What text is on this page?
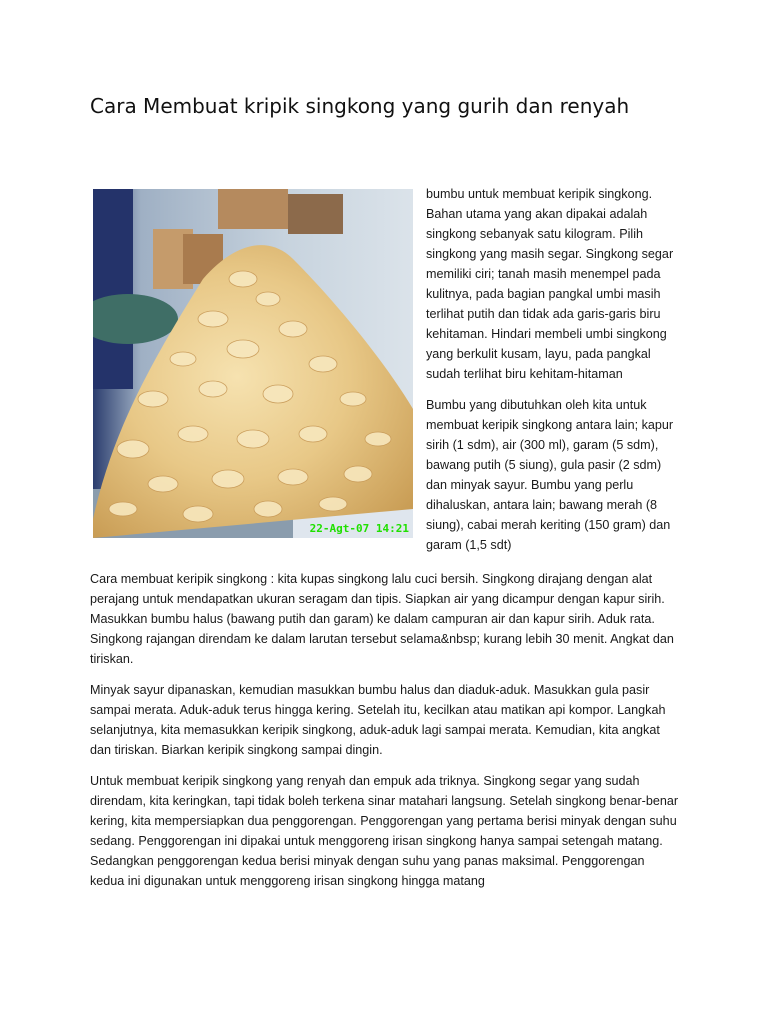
Cara Membuat kripik singkong yang gurih dan renyah
22-Agt-07 14:21

bumbu untuk membuat keripik singkong. Bahan utama yang akan dipakai adalah singkong sebanyak satu kilogram. Pilih singkong yang masih segar. Singkong segar memiliki ciri; tanah masih menempel pada kulitnya, pada bagian pangkal umbi masih terlihat putih dan tidak ada garis-garis biru kehitaman. Hindari membeli umbi singkong yang berkulit kusam, layu, pada pangkal sudah terlihat biru kehitam-hitaman

Bumbu yang dibutuhkan oleh kita untuk membuat keripik singkong antara lain; kapur sirih (1 sdm), air (300 ml), garam (5 sdm), bawang putih (5 siung), gula pasir (2 sdm) dan minyak sayur. Bumbu yang perlu dihaluskan, antara lain; bawang merah (8 siung), cabai merah keriting (150 gram) dan garam (1,5 sdt)

Cara membuat keripik singkong : kita kupas singkong lalu cuci bersih. Singkong dirajang dengan alat perajang untuk mendapatkan ukuran seragam dan tipis. Siapkan air yang dicampur dengan kapur sirih. Masukkan bumbu halus (bawang putih dan garam) ke dalam campuran air dan kapur sirih. Aduk rata. Singkong rajangan direndam ke dalam larutan tersebut selama&nbsp; kurang lebih 30 menit. Angkat dan tiriskan.

Minyak sayur dipanaskan, kemudian masukkan bumbu halus dan diaduk-aduk. Masukkan gula pasir sampai merata. Aduk-aduk terus hingga kering. Setelah itu, kecilkan atau matikan api kompor. Langkah selanjutnya, kita memasukkan keripik singkong, aduk-aduk lagi sampai merata. Kemudian, kita angkat dan tiriskan. Biarkan keripik singkong sampai dingin.

Untuk membuat keripik singkong yang renyah dan empuk ada triknya. Singkong segar yang sudah direndam, kita keringkan, tapi tidak boleh terkena sinar matahari langsung. Setelah singkong benar-benar kering, kita mempersiapkan dua penggorengan. Penggorengan yang pertama berisi minyak dengan suhu sedang. Penggorengan ini dipakai untuk menggoreng irisan singkong hanya sampai setengah matang. Sedangkan penggorengan kedua berisi minyak dengan suhu yang panas maksimal. Penggorengan kedua ini digunakan untuk menggoreng irisan singkong hingga matang
